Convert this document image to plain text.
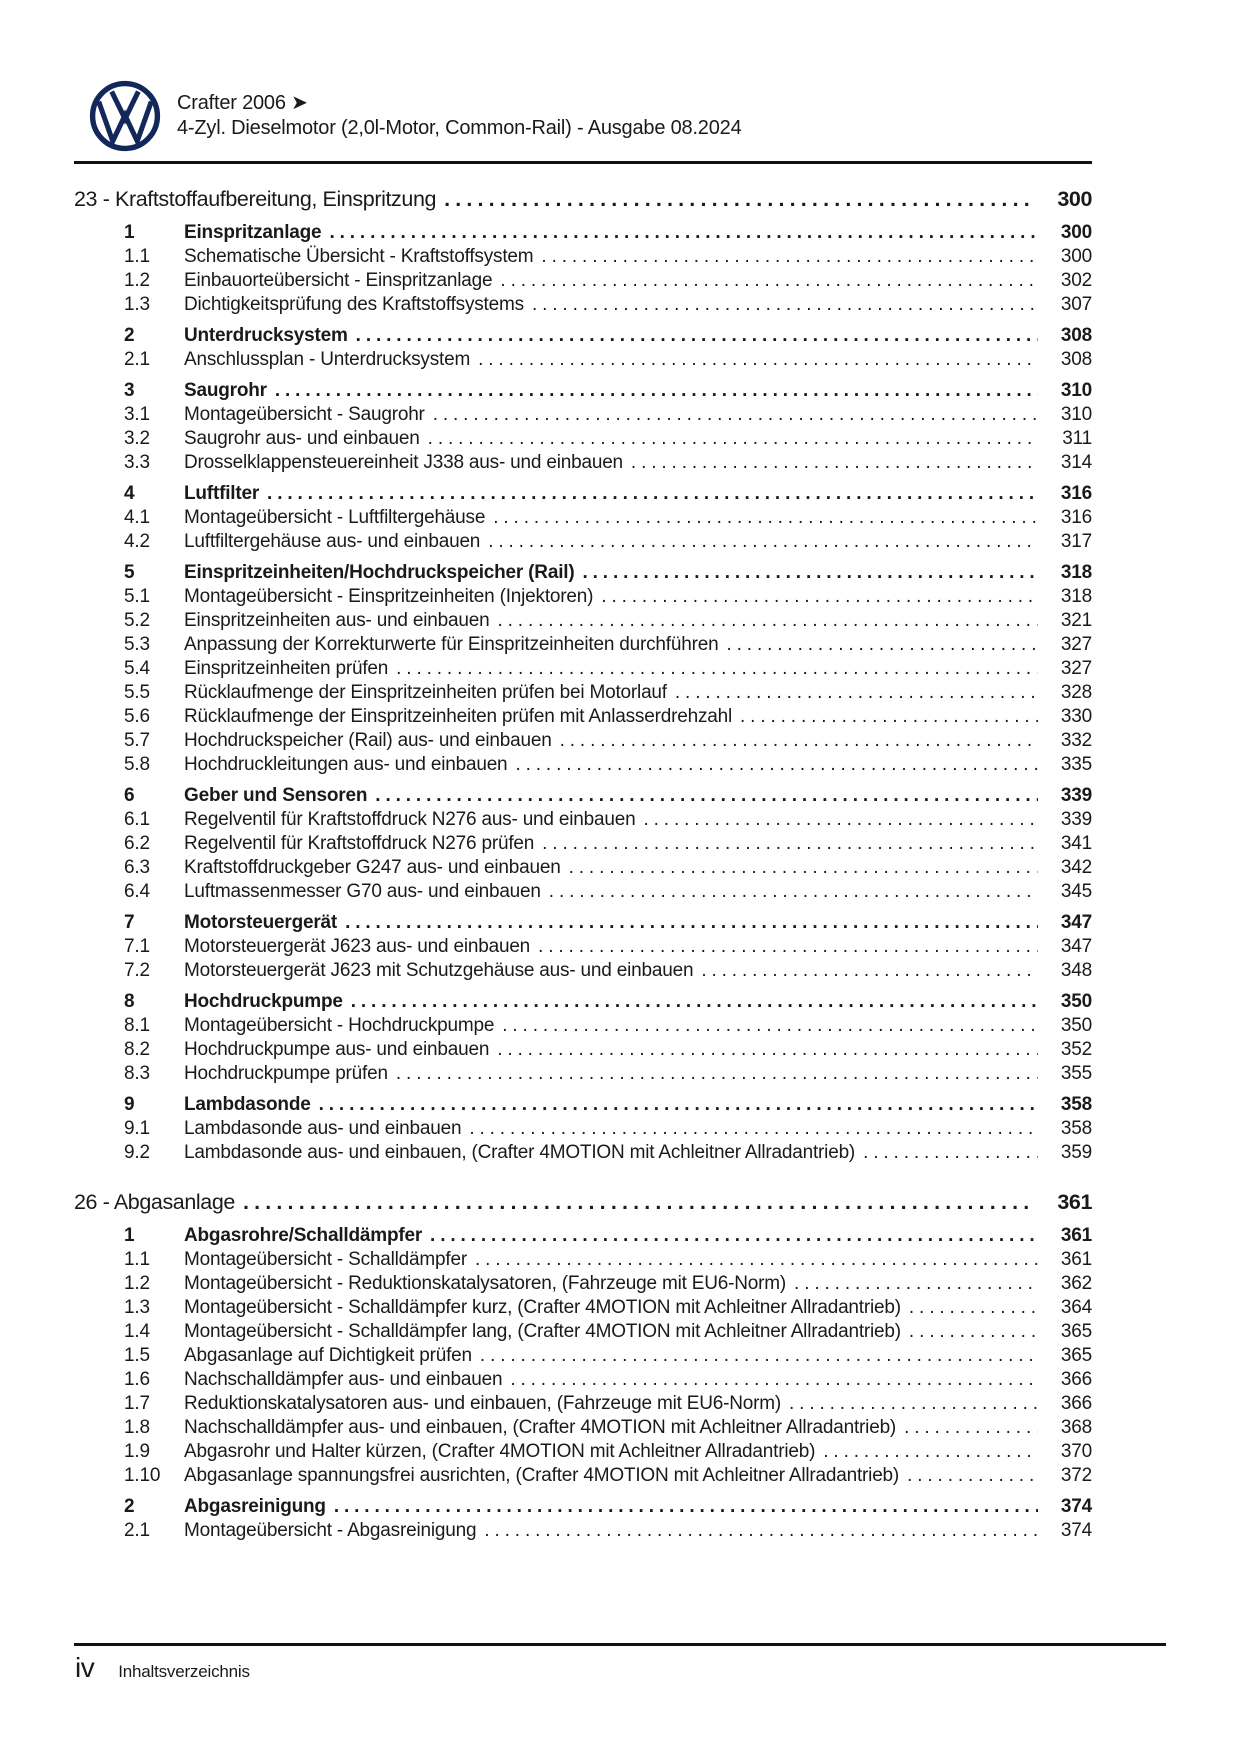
Crafter 2006 ➤
4-Zyl. Dieselmotor (2,0l-Motor, Common-Rail) - Ausgabe 08.2024
23 - Kraftstoffaufbereitung, Einspritzung . . .	300
1	Einspritzanlage . . .	300
1.1	Schematische Übersicht - Kraftstoffsystem . . .	300
1.2	Einbauorteübersicht - Einspritzanlage . . .	302
1.3	Dichtigkeitsprüfung des Kraftstoffsystems . . .	307
2	Unterdrucksystem . . .	308
2.1	Anschlussplan - Unterdrucksystem . . .	308
3	Saugrohr . . .	310
3.1	Montageübersicht - Saugrohr . . .	310
3.2	Saugrohr aus- und einbauen . . .	311
3.3	Drosselklappensteuereinheit J338 aus- und einbauen . . .	314
4	Luftfilter . . .	316
4.1	Montageübersicht - Luftfiltergehäuse . . .	316
4.2	Luftfiltergehäuse aus- und einbauen . . .	317
5	Einspritzeinheiten/Hochdruckspeicher (Rail) . . .	318
5.1	Montageübersicht - Einspritzeinheiten (Injektoren) . . .	318
5.2	Einspritzeinheiten aus- und einbauen . . .	321
5.3	Anpassung der Korrekturwerte für Einspritzeinheiten durchführen . . .	327
5.4	Einspritzeinheiten prüfen . . .	327
5.5	Rücklaufmenge der Einspritzeinheiten prüfen bei Motorlauf . . .	328
5.6	Rücklaufmenge der Einspritzeinheiten prüfen mit Anlasserdrehzahl . . .	330
5.7	Hochdruckspeicher (Rail) aus- und einbauen . . .	332
5.8	Hochdruckleitungen aus- und einbauen . . .	335
6	Geber und Sensoren . . .	339
6.1	Regelventil für Kraftstoffdruck N276 aus- und einbauen . . .	339
6.2	Regelventil für Kraftstoffdruck N276 prüfen . . .	341
6.3	Kraftstoffdruckgeber G247 aus- und einbauen . . .	342
6.4	Luftmassenmesser G70 aus- und einbauen . . .	345
7	Motorsteuergerät . . .	347
7.1	Motorsteuergerät J623 aus- und einbauen . . .	347
7.2	Motorsteuergerät J623 mit Schutzgehäuse aus- und einbauen . . .	348
8	Hochdruckpumpe . . .	350
8.1	Montageübersicht - Hochdruckpumpe . . .	350
8.2	Hochdruckpumpe aus- und einbauen . . .	352
8.3	Hochdruckpumpe prüfen . . .	355
9	Lambdasonde . . .	358
9.1	Lambdasonde aus- und einbauen . . .	358
9.2	Lambdasonde aus- und einbauen, (Crafter 4MOTION mit Achleitner Allradantrieb) . . .	359
26 - Abgasanlage . . .	361
1	Abgasrohre/Schalldämpfer . . .	361
1.1	Montageübersicht - Schalldämpfer . . .	361
1.2	Montageübersicht - Reduktionskatalysatoren, (Fahrzeuge mit EU6-Norm) . . .	362
1.3	Montageübersicht - Schalldämpfer kurz, (Crafter 4MOTION mit Achleitner Allradantrieb) . . .	364
1.4	Montageübersicht - Schalldämpfer lang, (Crafter 4MOTION mit Achleitner Allradantrieb) . . .	365
1.5	Abgasanlage auf Dichtigkeit prüfen . . .	365
1.6	Nachschalldämpfer aus- und einbauen . . .	366
1.7	Reduktionskatalysatoren aus- und einbauen, (Fahrzeuge mit EU6-Norm) . . .	366
1.8	Nachschalldämpfer aus- und einbauen, (Crafter 4MOTION mit Achleitner Allradantrieb) . . .	368
1.9	Abgasrohr und Halter kürzen, (Crafter 4MOTION mit Achleitner Allradantrieb) . . .	370
1.10	Abgasanlage spannungsfrei ausrichten, (Crafter 4MOTION mit Achleitner Allradantrieb) . . .	372
2	Abgasreinigung . . .	374
2.1	Montageübersicht - Abgasreinigung . . .	374
iv Inhaltsverzeichnis
